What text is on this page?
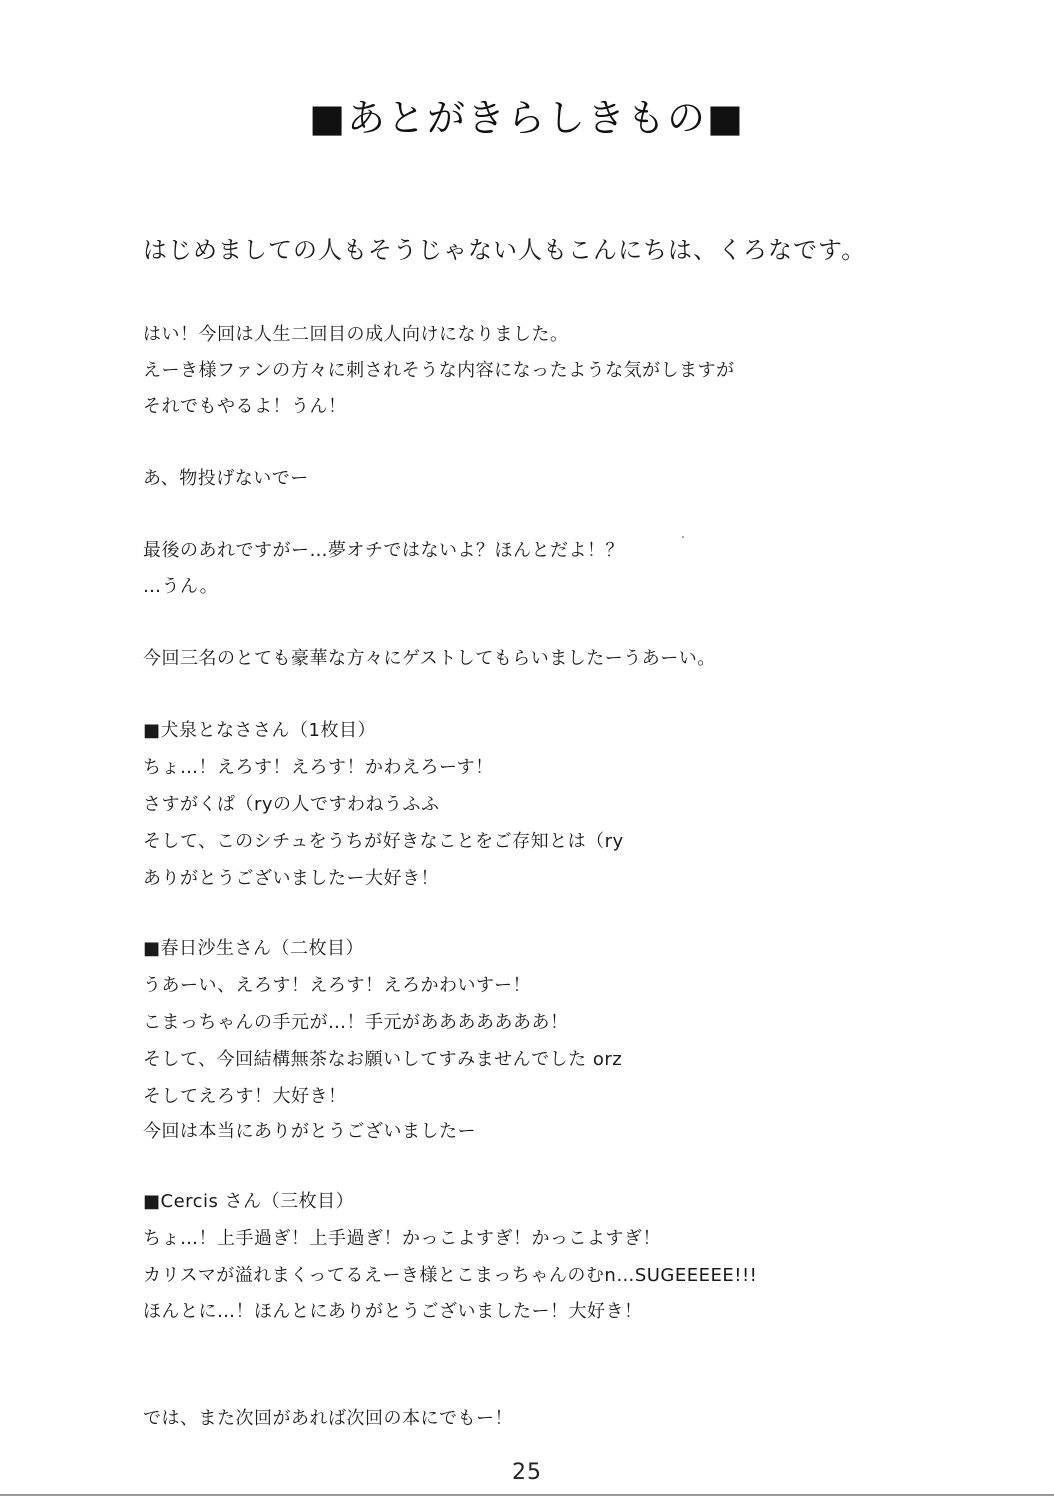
■あとがきらしきもの■
はじめましての人もそうじゃない人もこんにちは、くろなです。
はい！今回は人生二回目の成人向けになりました。
えーき様ファンの方々に刺されそうな内容になったような気がしますが
それでもやるよ！うん！
あ、物投げないでー
最後のあれですがー…夢オチではないよ？ほんとだよ！？
…うん。
今回三名のとても豪華な方々にゲストしてもらいましたーうあーい。
■犬泉となささん（1枚目）
ちょ…！えろす！えろす！かわえろーす！
さすがくぱ（ryの人ですわねうふふ
そして、このシチュをうちが好きなことをご存知とは（ry
ありがとうございましたー大好き！
■春日沙生さん（二枚目）
うあーい、えろす！えろす！えろかわいすー！
こまっちゃんの手元が…！手元があああああああ！
そして、今回結構無茶なお願いしてすみませんでした orz
そしてえろす！大好き！
今回は本当にありがとうございましたー
■Cercis さん（三枚目）
ちょ…！上手過ぎ！上手過ぎ！かっこよすぎ！かっこよすぎ！
カリスマが溢れまくってるえーき様とこまっちゃんのむn…SUGEEEEE!!!
ほんとに…！ほんとにありがとうございましたー！大好き！
では、また次回があれば次回の本にでもー！
25
